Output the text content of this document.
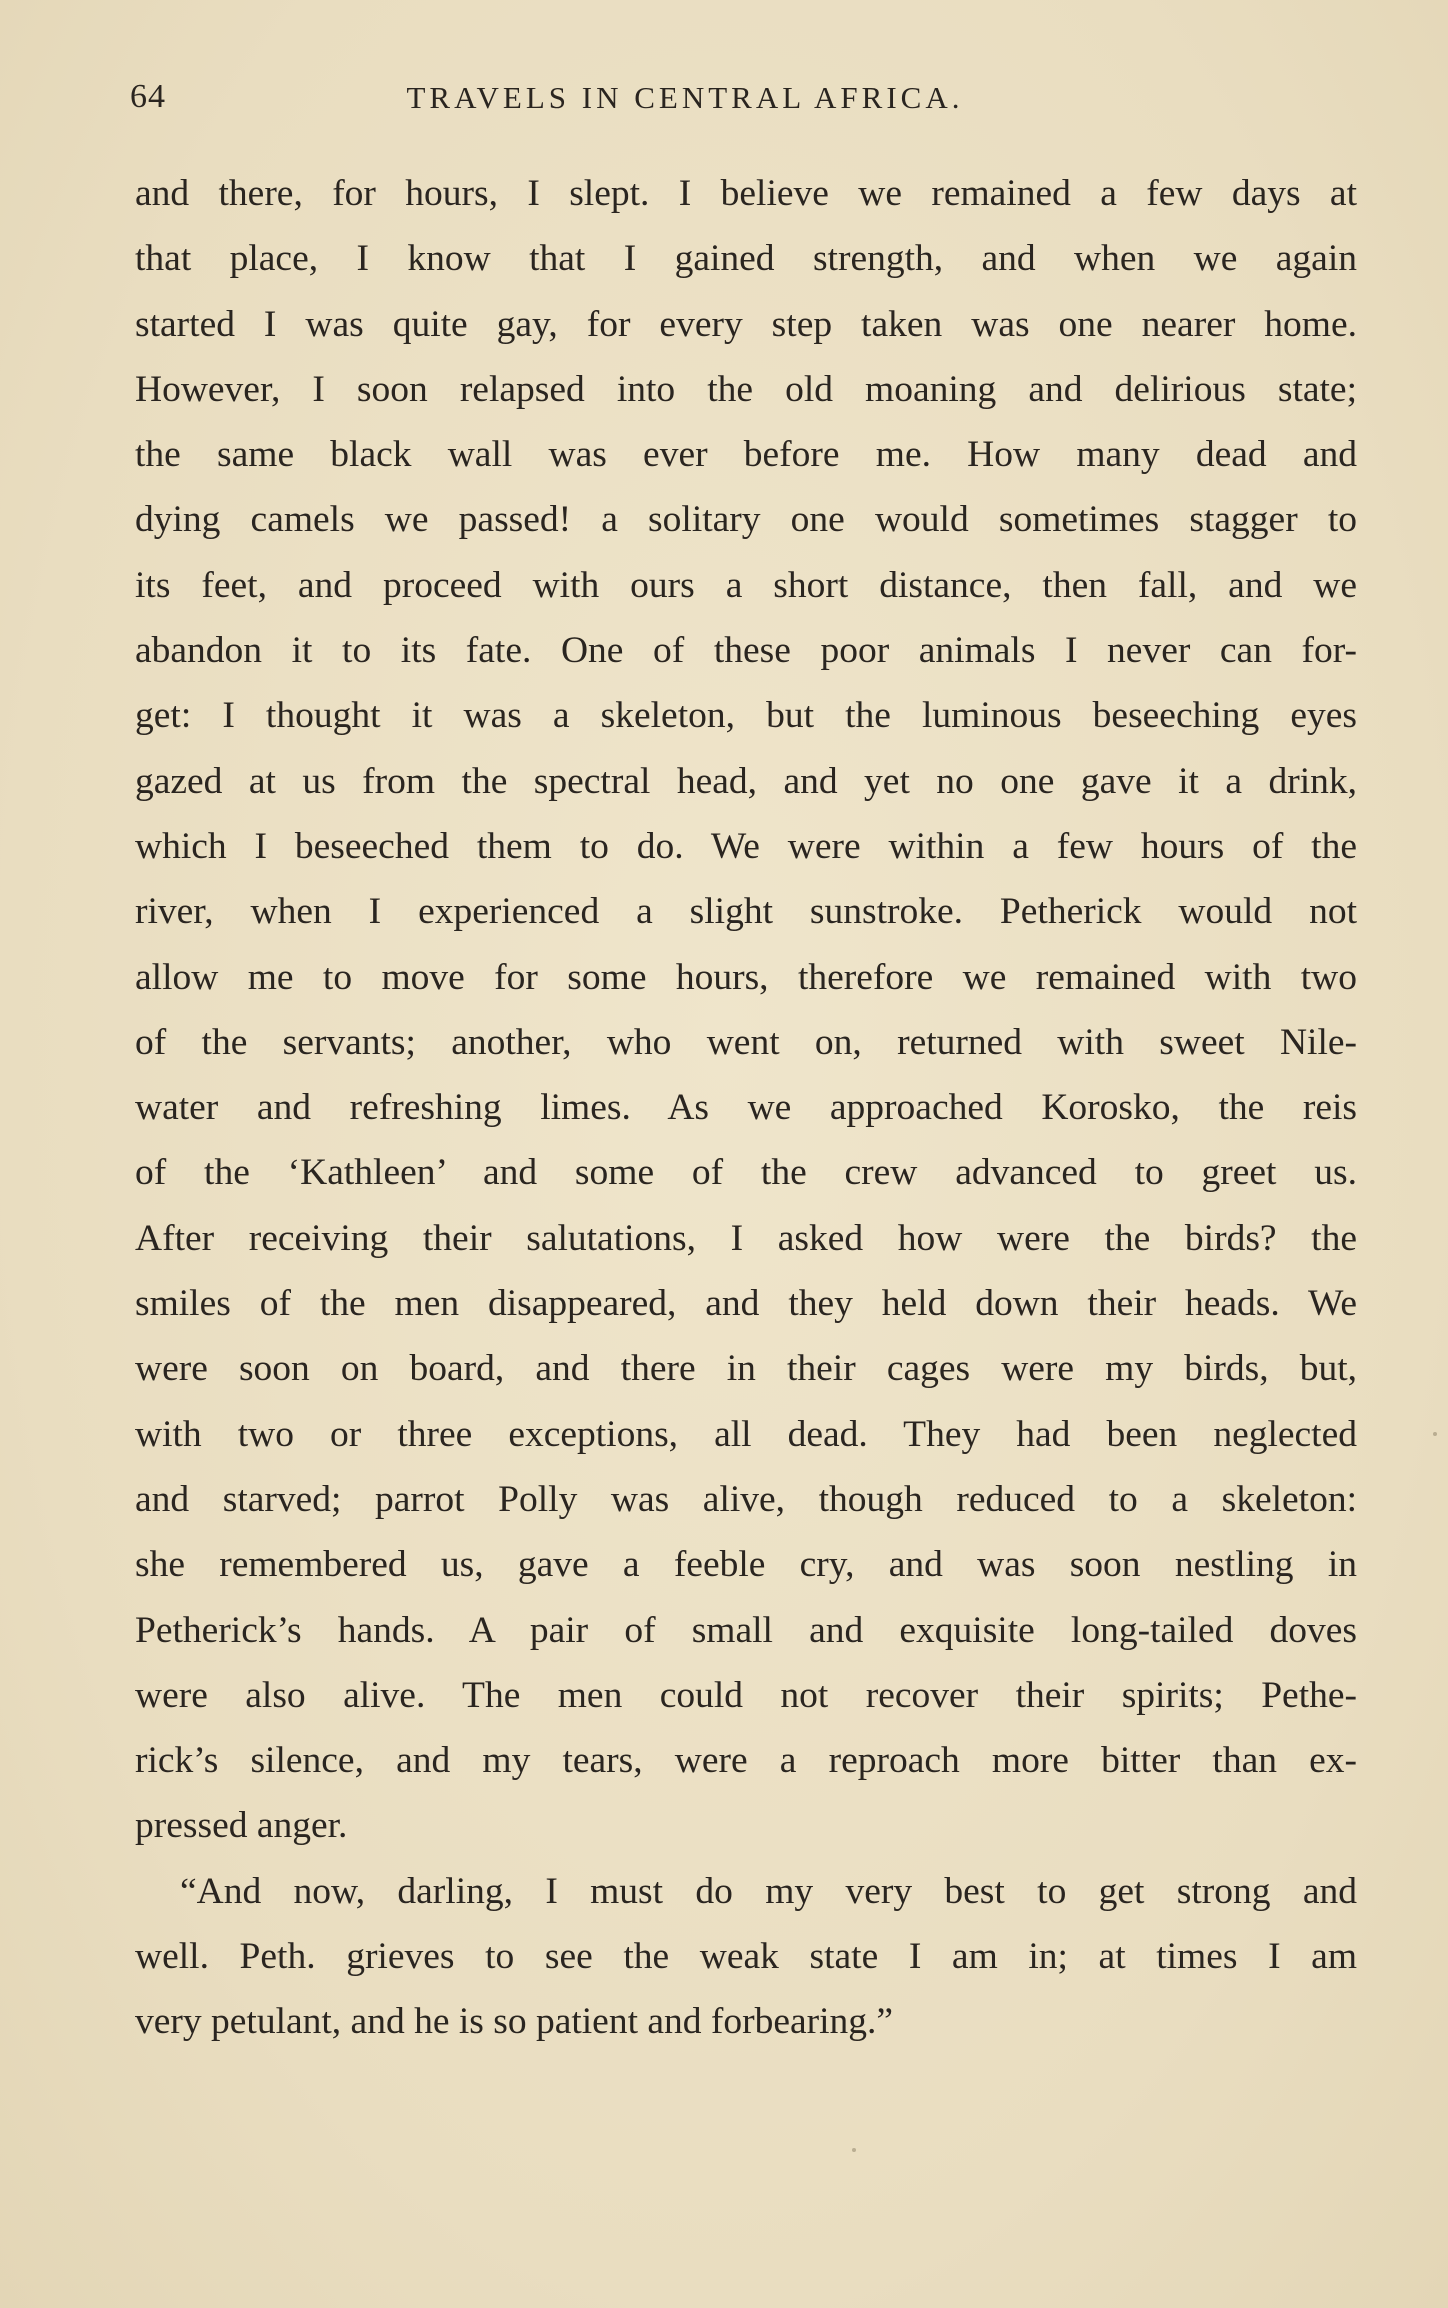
64	TRAVELS IN CENTRAL AFRICA.
and there, for hours, I slept. I believe we remained a few days at
that place, I know that I gained strength, and when we again
started I was quite gay, for every step taken was one nearer home.
However, I soon relapsed into the old moaning and delirious state;
the same black wall was ever before me. How many dead and
dying camels we passed! a solitary one would sometimes stagger to
its feet, and proceed with ours a short distance, then fall, and we
abandon it to its fate. One of these poor animals I never can for-
get: I thought it was a skeleton, but the luminous beseeching eyes
gazed at us from the spectral head, and yet no one gave it a drink,
which I beseeched them to do. We were within a few hours of the
river, when I experienced a slight sunstroke. Petherick would not
allow me to move for some hours, therefore we remained with two
of the servants; another, who went on, returned with sweet Nile-
water and refreshing limes. As we approached Korosko, the reis
of the ‘Kathleen’ and some of the crew advanced to greet us.
After receiving their salutations, I asked how were the birds? the
smiles of the men disappeared, and they held down their heads. We
were soon on board, and there in their cages were my birds, but,
with two or three exceptions, all dead. They had been neglected
and starved; parrot Polly was alive, though reduced to a skeleton:
she remembered us, gave a feeble cry, and was soon nestling in
Petherick’s hands. A pair of small and exquisite long-tailed doves
were also alive. The men could not recover their spirits; Pethe-
rick’s silence, and my tears, were a reproach more bitter than ex-
pressed anger.
“And now, darling, I must do my very best to get strong and
well. Peth. grieves to see the weak state I am in; at times I am
very petulant, and he is so patient and forbearing.”
